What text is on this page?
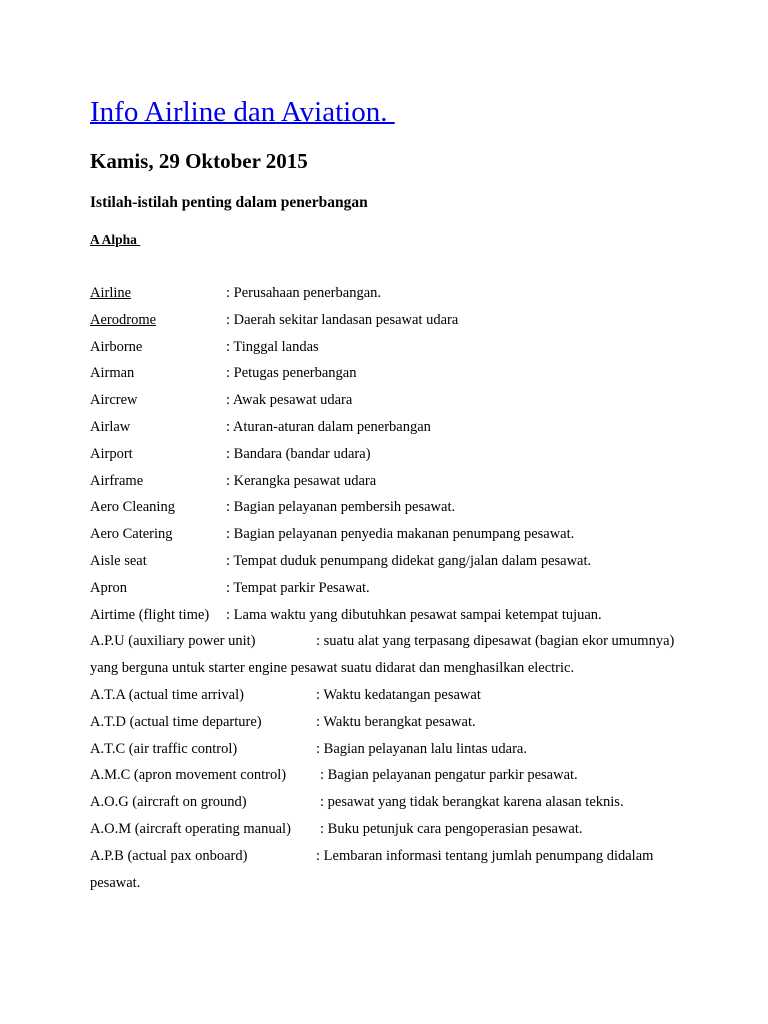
Info Airline dan Aviation.
Kamis, 29 Oktober 2015
Istilah-istilah penting dalam penerbangan
A Alpha
Airline	: Perusahaan penerbangan.
Aerodrome	: Daerah sekitar landasan pesawat udara
Airborne	: Tinggal landas
Airman	: Petugas penerbangan
Aircrew	: Awak pesawat udara
Airlaw	: Aturan-aturan dalam penerbangan
Airport	: Bandara (bandar udara)
Airframe	: Kerangka pesawat udara
Aero Cleaning	: Bagian pelayanan pembersih pesawat.
Aero Catering	: Bagian pelayanan penyedia makanan penumpang pesawat.
Aisle seat	: Tempat duduk penumpang didekat gang/jalan dalam pesawat.
Apron	: Tempat parkir Pesawat.
Airtime (flight time) : Lama waktu yang dibutuhkan pesawat sampai ketempat tujuan.
A.P.U (auxiliary power unit)	: suatu alat yang terpasang dipesawat (bagian ekor umumnya) yang berguna untuk starter engine pesawat suatu didarat dan menghasilkan electric.
A.T.A (actual time arrival)	: Waktu kedatangan pesawat
A.T.D (actual time departure)	: Waktu berangkat pesawat.
A.T.C (air traffic control)	: Bagian pelayanan lalu lintas udara.
A.M.C (apron movement control) : Bagian pelayanan pengatur parkir pesawat.
A.O.G (aircraft on ground)	: pesawat yang tidak berangkat karena alasan teknis.
A.O.M (aircraft operating manual) : Buku petunjuk cara pengoperasian pesawat.
A.P.B (actual pax onboard)	: Lembaran informasi tentang jumlah penumpang didalam pesawat.
